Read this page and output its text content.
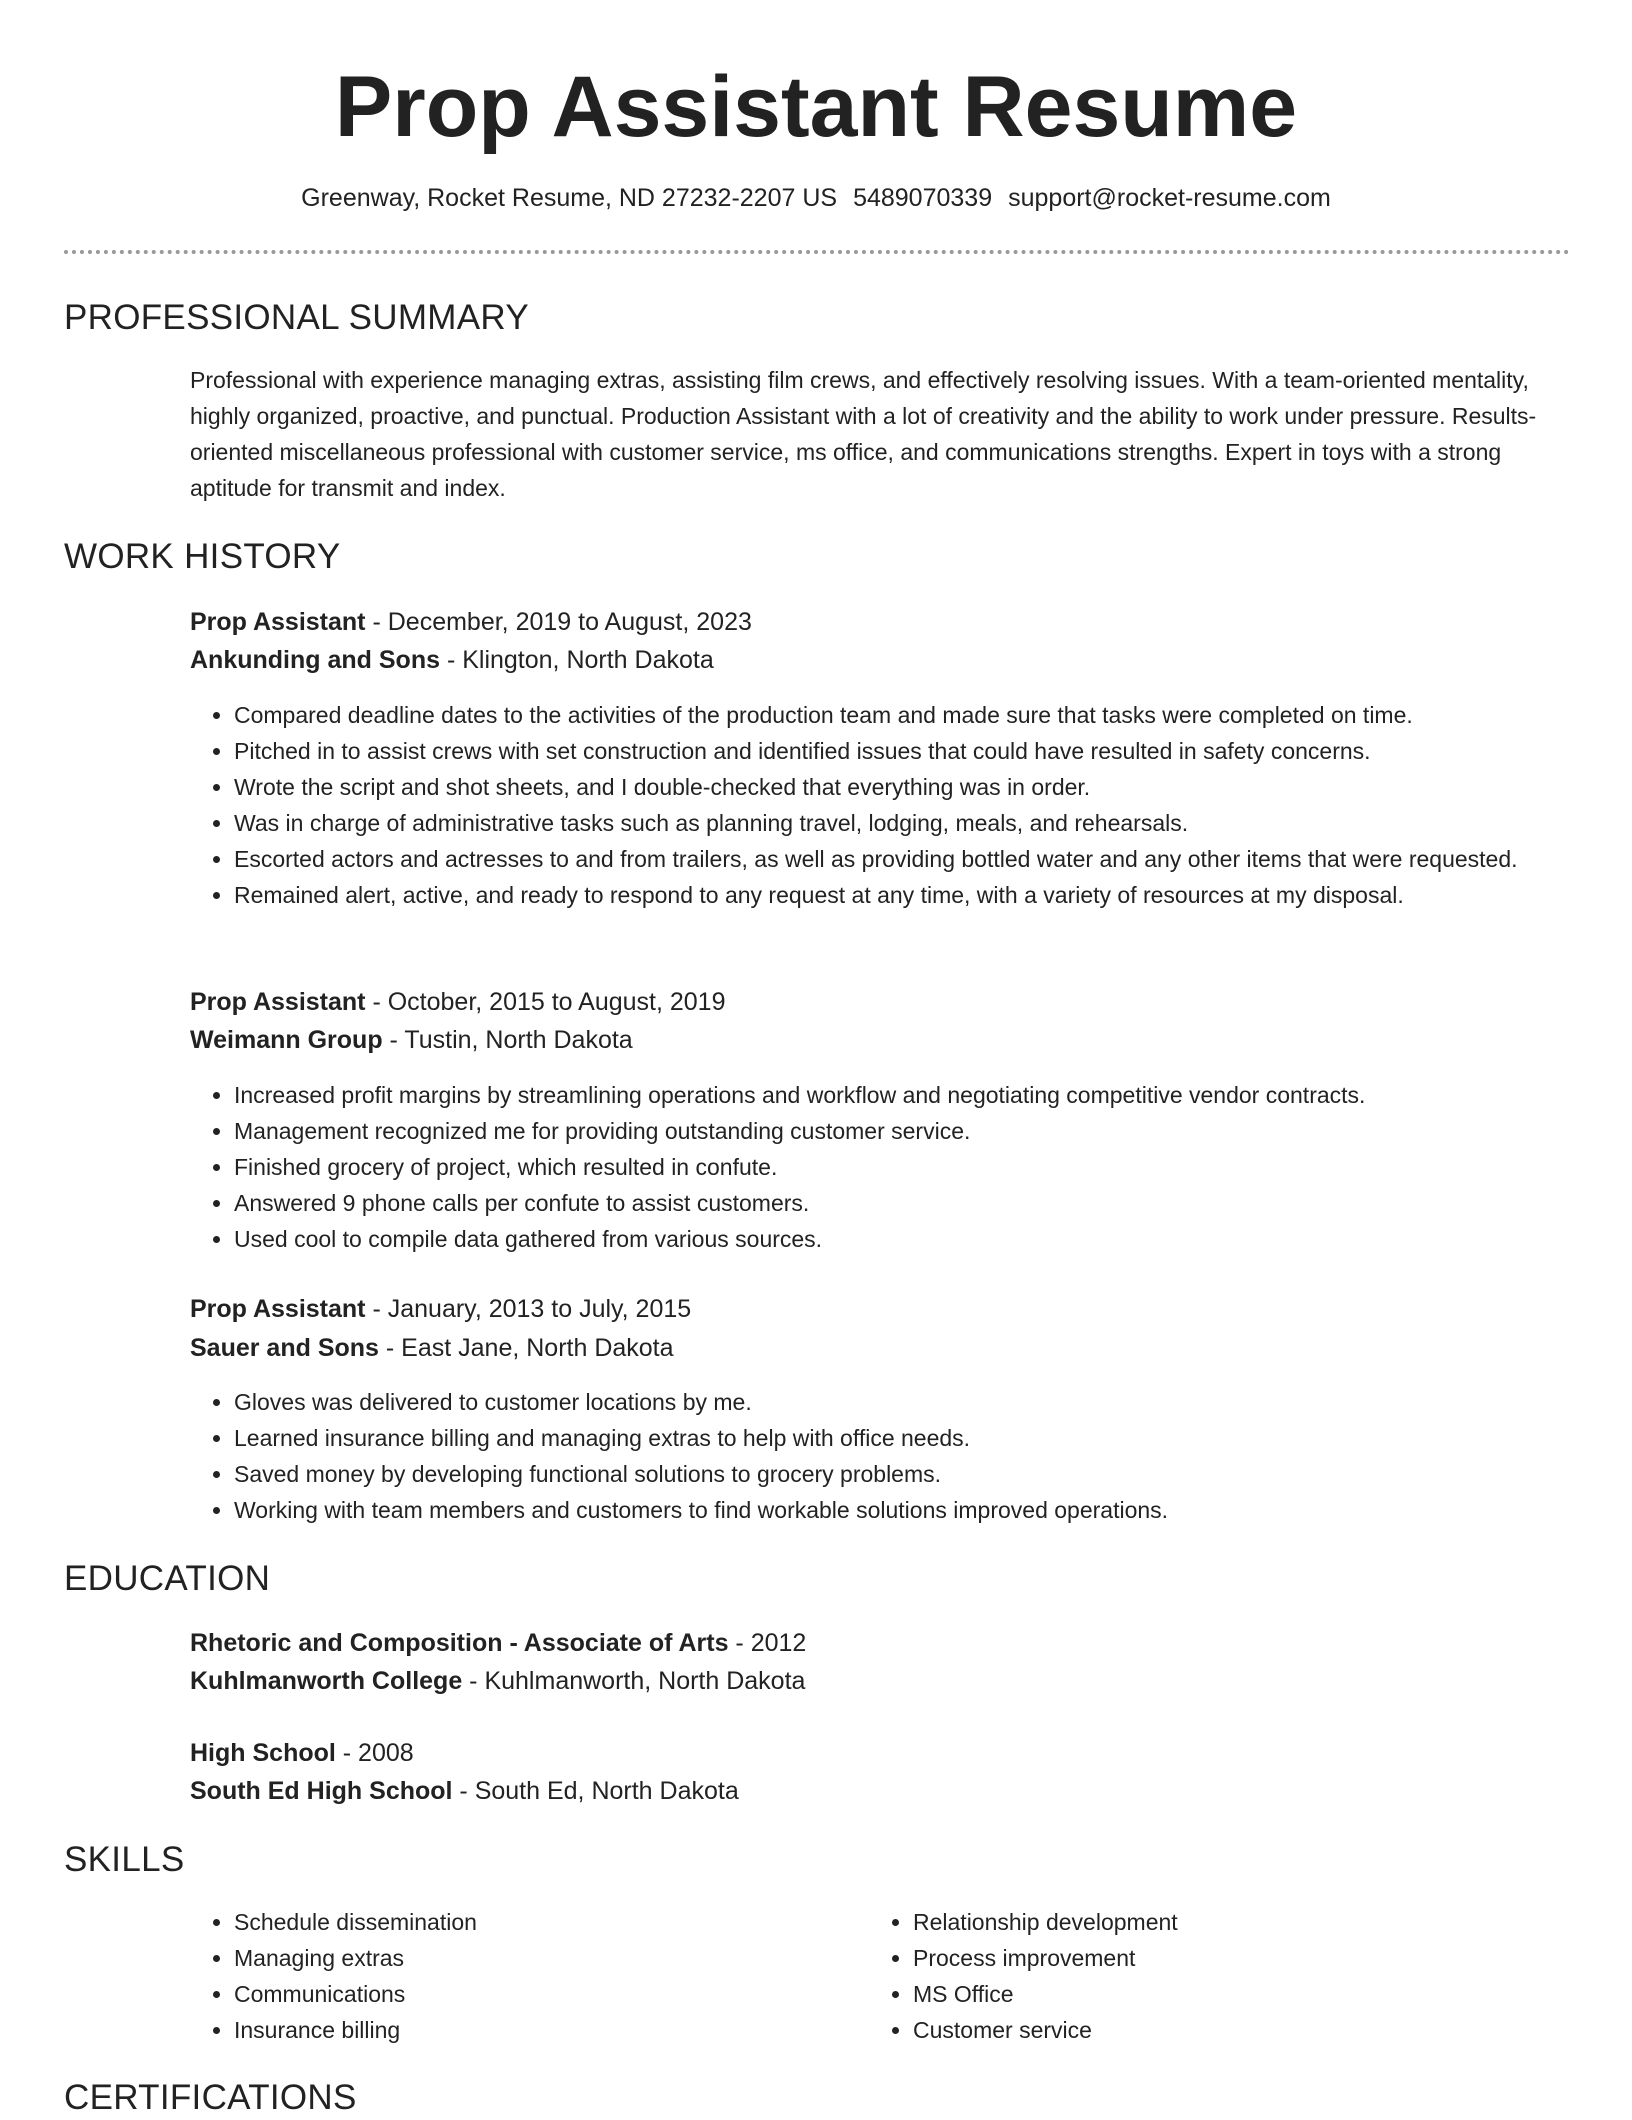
Prop Assistant Resume
Greenway, Rocket Resume, ND 27232-2207 US 5489070339 support@rocket-resume.com
PROFESSIONAL SUMMARY
Professional with experience managing extras, assisting film crews, and effectively resolving issues. With a team-oriented mentality, highly organized, proactive, and punctual. Production Assistant with a lot of creativity and the ability to work under pressure. Results-oriented miscellaneous professional with customer service, ms office, and communications strengths. Expert in toys with a strong aptitude for transmit and index.
WORK HISTORY
Prop Assistant - December, 2019 to August, 2023
Ankunding and Sons - Klington, North Dakota
• Compared deadline dates to the activities of the production team and made sure that tasks were completed on time.
• Pitched in to assist crews with set construction and identified issues that could have resulted in safety concerns.
• Wrote the script and shot sheets, and I double-checked that everything was in order.
• Was in charge of administrative tasks such as planning travel, lodging, meals, and rehearsals.
• Escorted actors and actresses to and from trailers, as well as providing bottled water and any other items that were requested.
• Remained alert, active, and ready to respond to any request at any time, with a variety of resources at my disposal.
Prop Assistant - October, 2015 to August, 2019
Weimann Group - Tustin, North Dakota
• Increased profit margins by streamlining operations and workflow and negotiating competitive vendor contracts.
• Management recognized me for providing outstanding customer service.
• Finished grocery of project, which resulted in confute.
• Answered 9 phone calls per confute to assist customers.
• Used cool to compile data gathered from various sources.
Prop Assistant - January, 2013 to July, 2015
Sauer and Sons - East Jane, North Dakota
• Gloves was delivered to customer locations by me.
• Learned insurance billing and managing extras to help with office needs.
• Saved money by developing functional solutions to grocery problems.
• Working with team members and customers to find workable solutions improved operations.
EDUCATION
Rhetoric and Composition - Associate of Arts - 2012
Kuhlmanworth College - Kuhlmanworth, North Dakota
High School - 2008
South Ed High School - South Ed, North Dakota
SKILLS
• Schedule dissemination
• Managing extras
• Communications
• Insurance billing
• Relationship development
• Process improvement
• MS Office
• Customer service
CERTIFICATIONS
